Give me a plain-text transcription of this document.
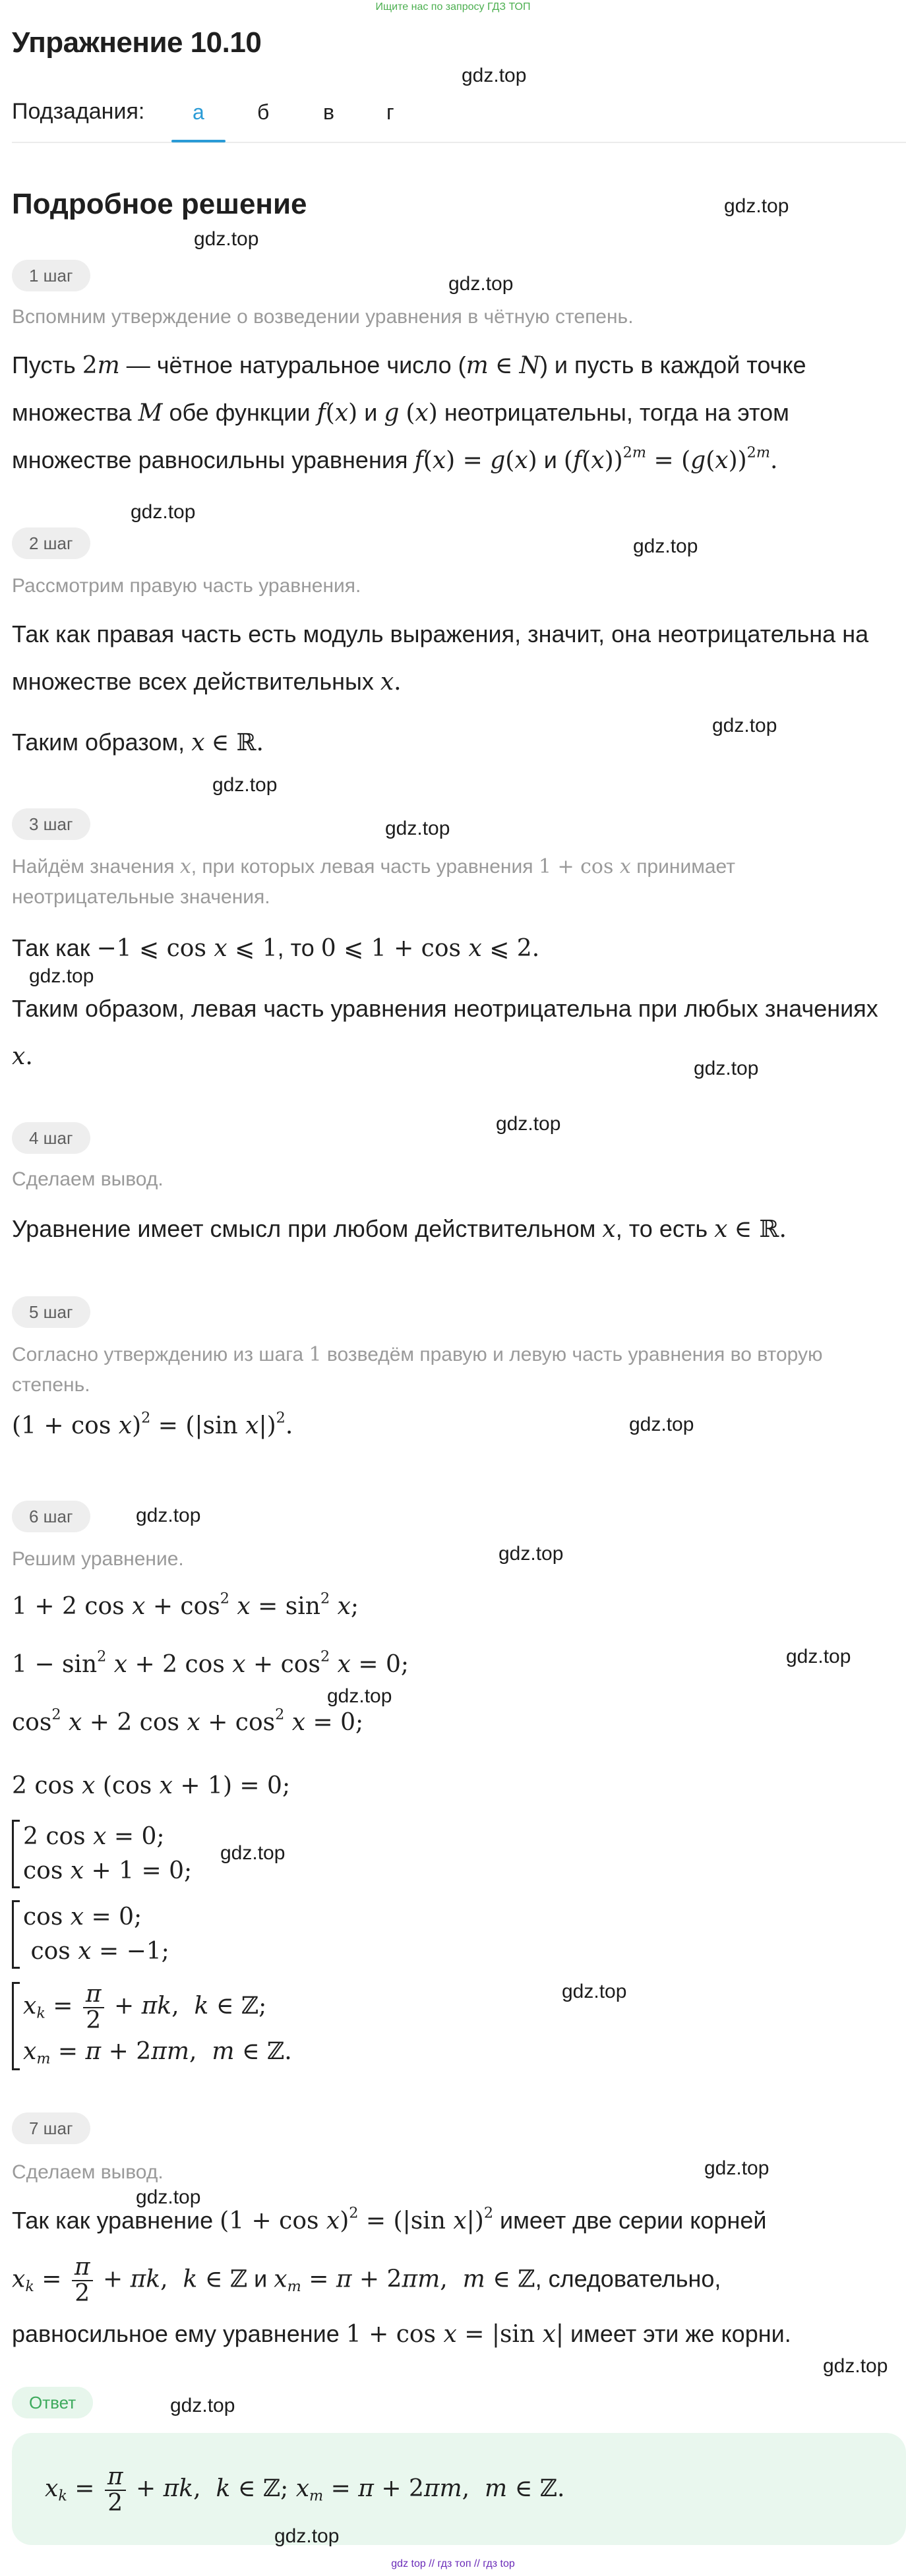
Ищите нас по запросу ГДЗ ТОП
Упражнение 10.10
gdz.top
Подзадания: а	б	в г
Подробное решение	gdz.top
gdz.top
1 шаг	gdz.top
Вспомним утверждение о возведении уравнения в чётную степень.
Пусть 2m — чётное натуральное число (m ∈ N) и пусть в каждой точке
множества M обе функции f(x) и g (x) неотрицательны, тогда на этом
множестве равносильны уравнения f(x) = g(x) и $(f(x))^{2m} = (g(x))^{2m}$.
gdz.top
2 шаг	gdz.top
Рассмотрим правую часть уравнения.
Так как правая часть есть модуль выражения, значит, она неотрицательна на
множестве всех действительных x.
Таким образом, x ∈ ℝ.
gdz.top
gdz.top
3 шаг	gdz.top
Найдём значения x, при которых левая часть уравнения 1 + cos x принимает неотрицательные значения.
Так как −1 ⩽ cos x ⩽ 1, то 0 ⩽ 1 + cos x ⩽ 2.
gdz.top
Таким образом, левая часть уравнения неотрицательна при любых значениях
x.	gdz.top
gdz.top
4 шаг
Сделаем вывод.
Уравнение имеет смысл при любом действительном x, то есть x ∈ ℝ.
5 шаг
Согласно утверждению из шага 1 возведём правую и левую часть уравнения во вторую степень.
$(1 + \cos x)^2 = (|\sin$ x|)$^2$.	gdz.top
6 шаг	gdz.top
Решим уравнение.	gdz.top
1 + 2 $\cos x + \cos^2 x = \sin^2 x$;
$1 - \sin^2 x + 2$ $\cos x + \cos^2 x = 0$;	gdz.top
gdz.top
$\cos^2 x + 2$ $\cos x + \cos^2 x = 0$;
2 cos x (cos x + 1) = 0;
2 cos x = 0;
cos x + 1 = 0;
gdz.top
cos x = 0;
cos x = −1;
$x_k = \frac{\pi}{2} + \pi k$,  k ∈ ℤ;
$x_m = \pi + 2\pi m$,  m ∈ ℤ.
gdz.top
7 шаг
Сделаем вывод.	gdz.top
gdz.top
Так как уравнение $(1 + \cos x)^2 = (|\sin$ x|)$^2$ имеет две серии корней
$x_k = \frac{\pi}{2} + \pi k$,  k ∈ ℤ и $x_m = \pi + 2\pi m$,  m ∈ ℤ, следовательно,
равносильное ему уравнение 1 + cos x = |sin x| имеет эти же корни.
gdz.top
Ответ	gdz.top
$x_k = \frac{\pi}{2} + \pi k$,  k ∈ ℤ; $x_m = \pi + 2\pi m$,  m ∈ ℤ.
gdz.top
gdz top // гдз топ // гдз top
